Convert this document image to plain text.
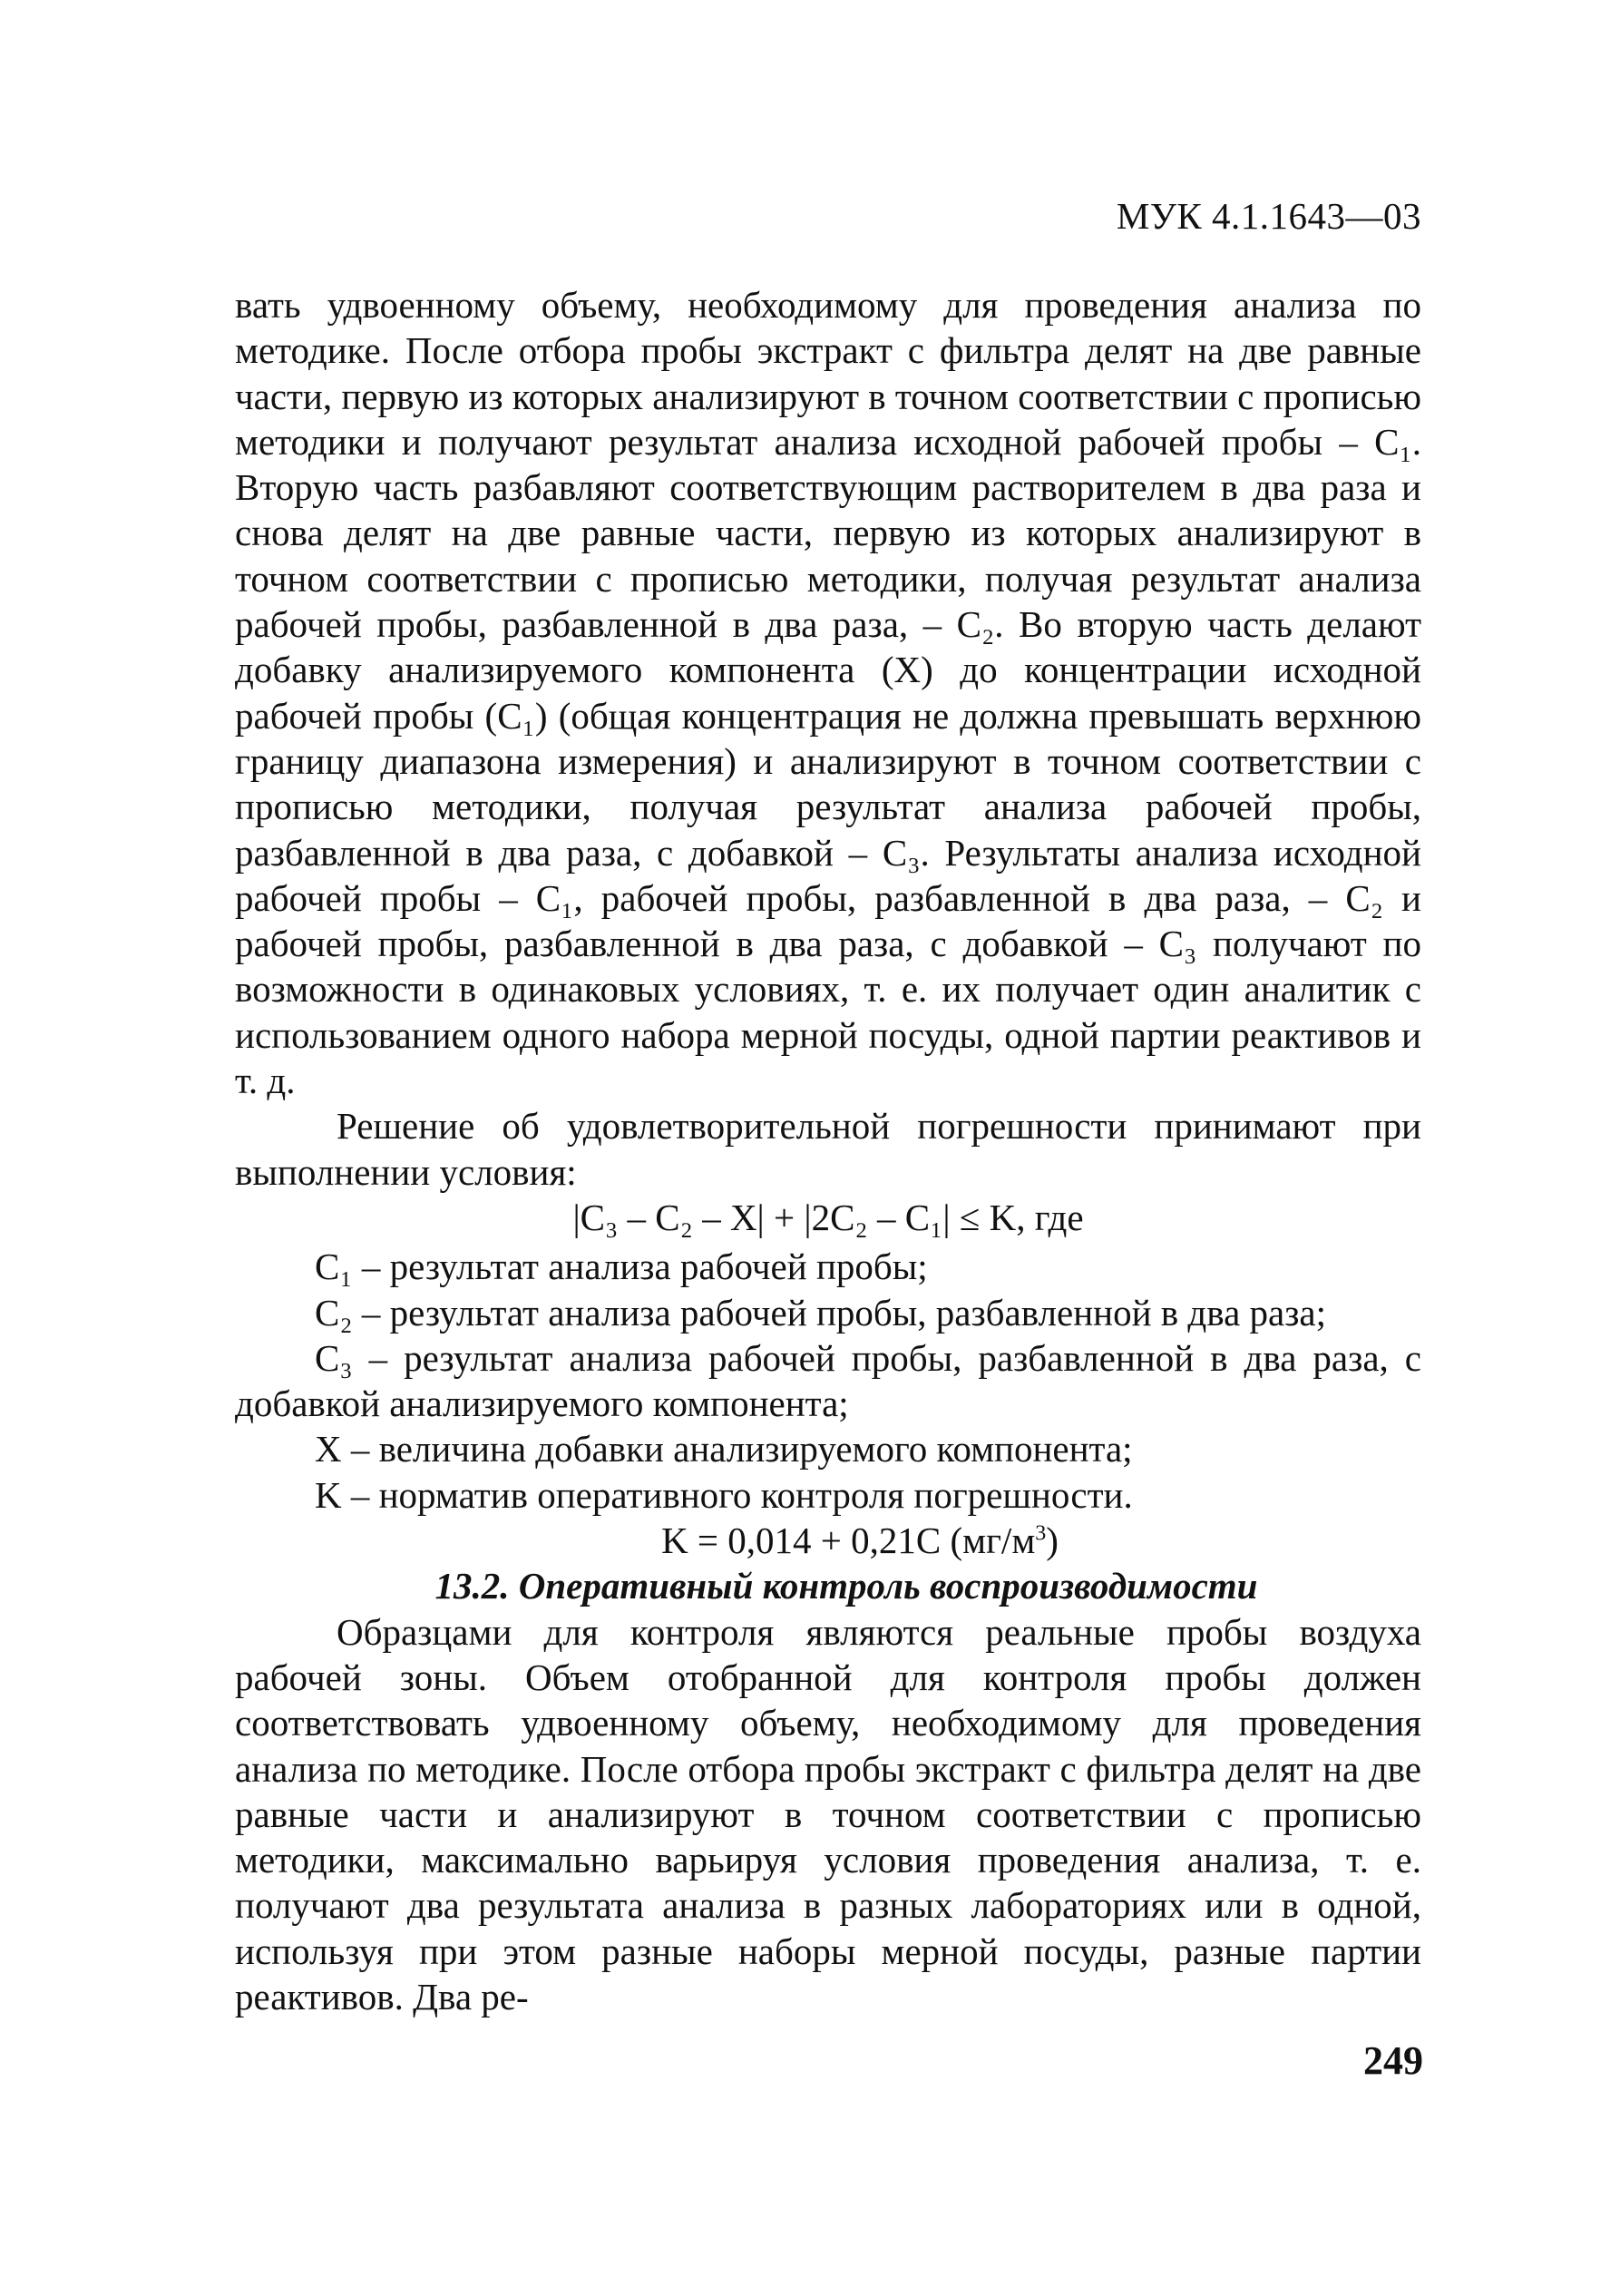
МУК 4.1.1643—03

вать удвоенному объему, необходимому для проведения анализа по методике. После отбора пробы экстракт с фильтра делят на две равные части, первую из которых анализируют в точном соответствии с прописью методики и получают результат анализа исходной рабочей пробы – C₁. Вторую часть разбавляют соответствующим растворителем в два раза и снова делят на две равные части, первую из которых анализируют в точном соответствии с прописью методики, получая результат анализа рабочей пробы, разбавленной в два раза, – C₂. Во вторую часть делают добавку анализируемого компонента (X) до концентрации исходной рабочей пробы (C₁) (общая концентрация не должна превышать верхнюю границу диапазона измерения) и анализируют в точном соответствии с прописью методики, получая результат анализа рабочей пробы, разбавленной в два раза, с добавкой – C₃. Результаты анализа исходной рабочей пробы – C₁, рабочей пробы, разбавленной в два раза, – C₂ и рабочей пробы, разбавленной в два раза, с добавкой – C₃ получают по возможности в одинаковых условиях, т. е. их получает один аналитик с использованием одного набора мерной посуды, одной партии реактивов и т. д.

Решение об удовлетворительной погрешности принимают при выполнении условия:

|C₃ – C₂ – X| + |2C₂ – C₁| ≤ K, где

C₁ – результат анализа рабочей пробы;

C₂ – результат анализа рабочей пробы, разбавленной в два раза;

C₃ – результат анализа рабочей пробы, разбавленной в два раза, с добавкой анализируемого компонента;

X – величина добавки анализируемого компонента;

K – норматив оперативного контроля погрешности.

K = 0,014 + 0,21C $(мг/м^3)$

13.2. Оперативный контроль воспроизводимости

Образцами для контроля являются реальные пробы воздуха рабочей зоны. Объем отобранной для контроля пробы должен соответствовать удвоенному объему, необходимому для проведения анализа по методике. После отбора пробы экстракт с фильтра делят на две равные части и анализируют в точном соответствии с прописью методики, максимально варьируя условия проведения анализа, т. е. получают два результата анализа в разных лабораториях или в одной, используя при этом разные наборы мерной посуды, разные партии реактивов. Два ре-

249
